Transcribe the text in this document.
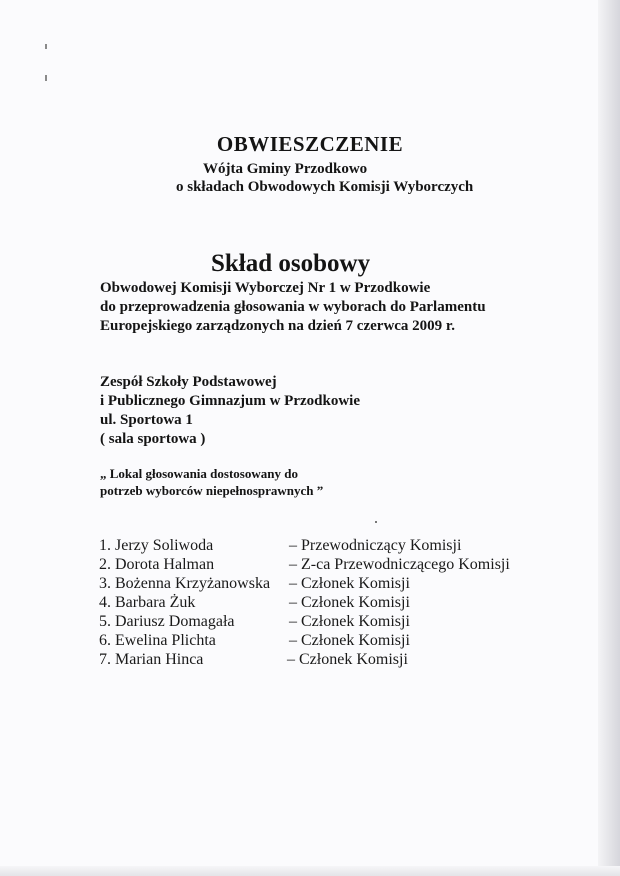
OBWIESZCZENIE
Wójta Gminy Przodkowo
o składach Obwodowych Komisji Wyborczych
Skład osobowy
Obwodowej Komisji Wyborczej Nr 1 w Przodkowie
do przeprowadzenia głosowania w wyborach do Parlamentu
Europejskiego zarządzonych na dzień 7 czerwca 2009 r.
Zespół Szkoły Podstawowej
i Publicznego Gimnazjum w Przodkowie
ul. Sportowa 1
( sala sportowa )
„ Lokal głosowania dostosowany do
potrzeb wyborców niepełnosprawnych ”
1. Jerzy Soliwoda	– Przewodniczący Komisji
2. Dorota Halman	– Z-ca Przewodniczącego Komisji
3. Bożenna Krzyżanowska – Członek Komisji
4. Barbara Żuk	– Członek Komisji
5. Dariusz Domagała	– Członek Komisji
6. Ewelina Plichta	– Członek Komisji
7. Marian Hinca	– Członek Komisji
